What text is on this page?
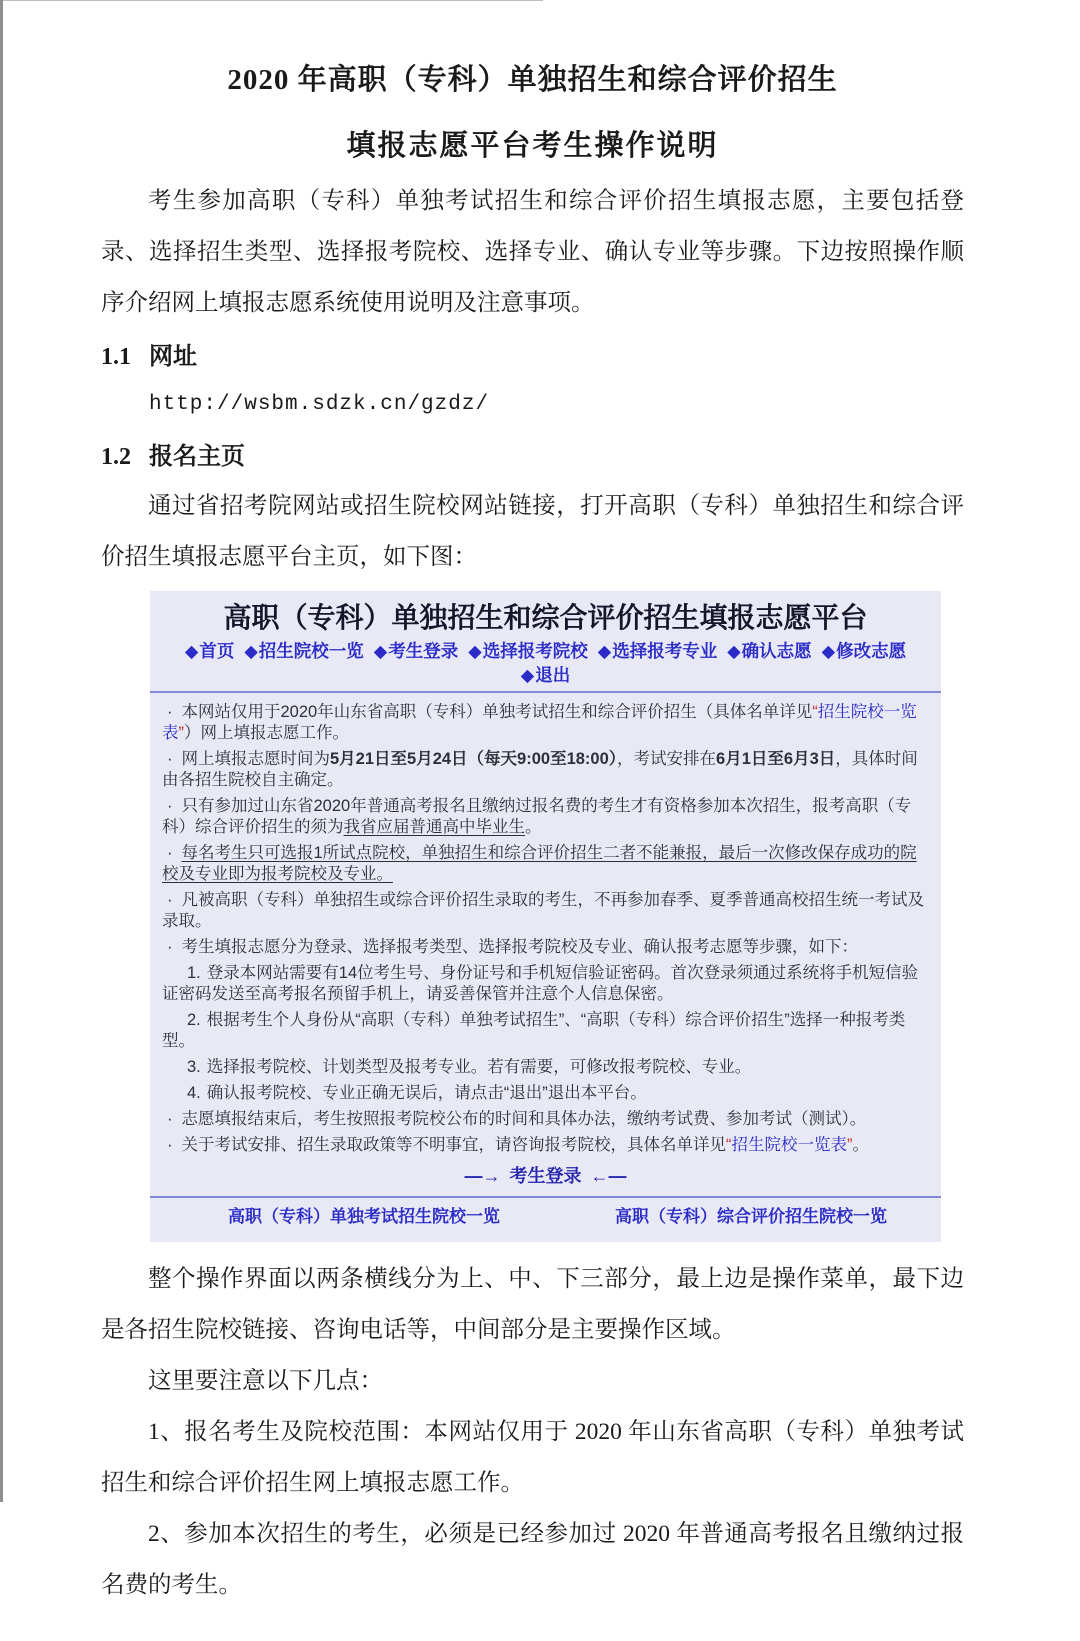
2020 年高职（专科）单独招生和综合评价招生
填报志愿平台考生操作说明

考生参加高职（专科）单独考试招生和综合评价招生填报志愿，主要包括登录、选择招生类型、选择报考院校、选择专业、确认专业等步骤。下边按照操作顺序介绍网上填报志愿系统使用说明及注意事项。

1.1 网址
http://wsbm.sdzk.cn/gzdz/
1.2 报名主页

通过省招考院网站或招生院校网站链接，打开高职（专科）单独招生和综合评价招生填报志愿平台主页，如下图：

高职（专科）单独招生和综合评价招生填报志愿平台
◆首页 ◆招生院校一览 ◆考生登录 ◆选择报考院校 ◆选择报考专业 ◆确认志愿 ◆修改志愿◆退出
· 本网站仅用于2020年山东省高职（专科）单独考试招生和综合评价招生（具体名单详见“招生院校一览表”）网上填报志愿工作。
· 网上填报志愿时间为5月21日至5月24日（每天9:00至18:00），考试安排在6月1日至6月3日，具体时间由各招生院校自主确定。
· 只有参加过山东省2020年普通高考报名且缴纳过报名费的考生才有资格参加本次招生，报考高职（专科）综合评价招生的须为我省应届普通高中毕业生。
· 每名考生只可选报1所试点院校，单独招生和综合评价招生二者不能兼报，最后一次修改保存成功的院校及专业即为报考院校及专业。
· 凡被高职（专科）单独招生或综合评价招生录取的考生，不再参加春季、夏季普通高校招生统一考试及录取。
· 考生填报志愿分为登录、选择报考类型、选择报考院校及专业、确认报考志愿等步骤，如下：
1. 登录本网站需要有14位考生号、身份证号和手机短信验证密码。首次登录须通过系统将手机短信验证密码发送至高考报名预留手机上，请妥善保管并注意个人信息保密。
2. 根据考生个人身份从“高职（专科）单独考试招生”、“高职（专科）综合评价招生”选择一种报考类型。
3. 选择报考院校、计划类型及报考专业。若有需要，可修改报考院校、专业。
4. 确认报考院校、专业正确无误后，请点击“退出”退出本平台。
· 志愿填报结束后，考生按照报考院校公布的时间和具体办法，缴纳考试费、参加考试（测试）。
· 关于考试安排、招生录取政策等不明事宜，请咨询报考院校，具体名单详见“招生院校一览表”。
—→ 考生登录 ←—
高职（专科）单独考试招生院校一览	高职（专科）综合评价招生院校一览

整个操作界面以两条横线分为上、中、下三部分，最上边是操作菜单，最下边是各招生院校链接、咨询电话等，中间部分是主要操作区域。

这里要注意以下几点：

1、报名考生及院校范围：本网站仅用于 2020 年山东省高职（专科）单独考试招生和综合评价招生网上填报志愿工作。

2、参加本次招生的考生，必须是已经参加过 2020 年普通高考报名且缴纳过报名费的考生。
